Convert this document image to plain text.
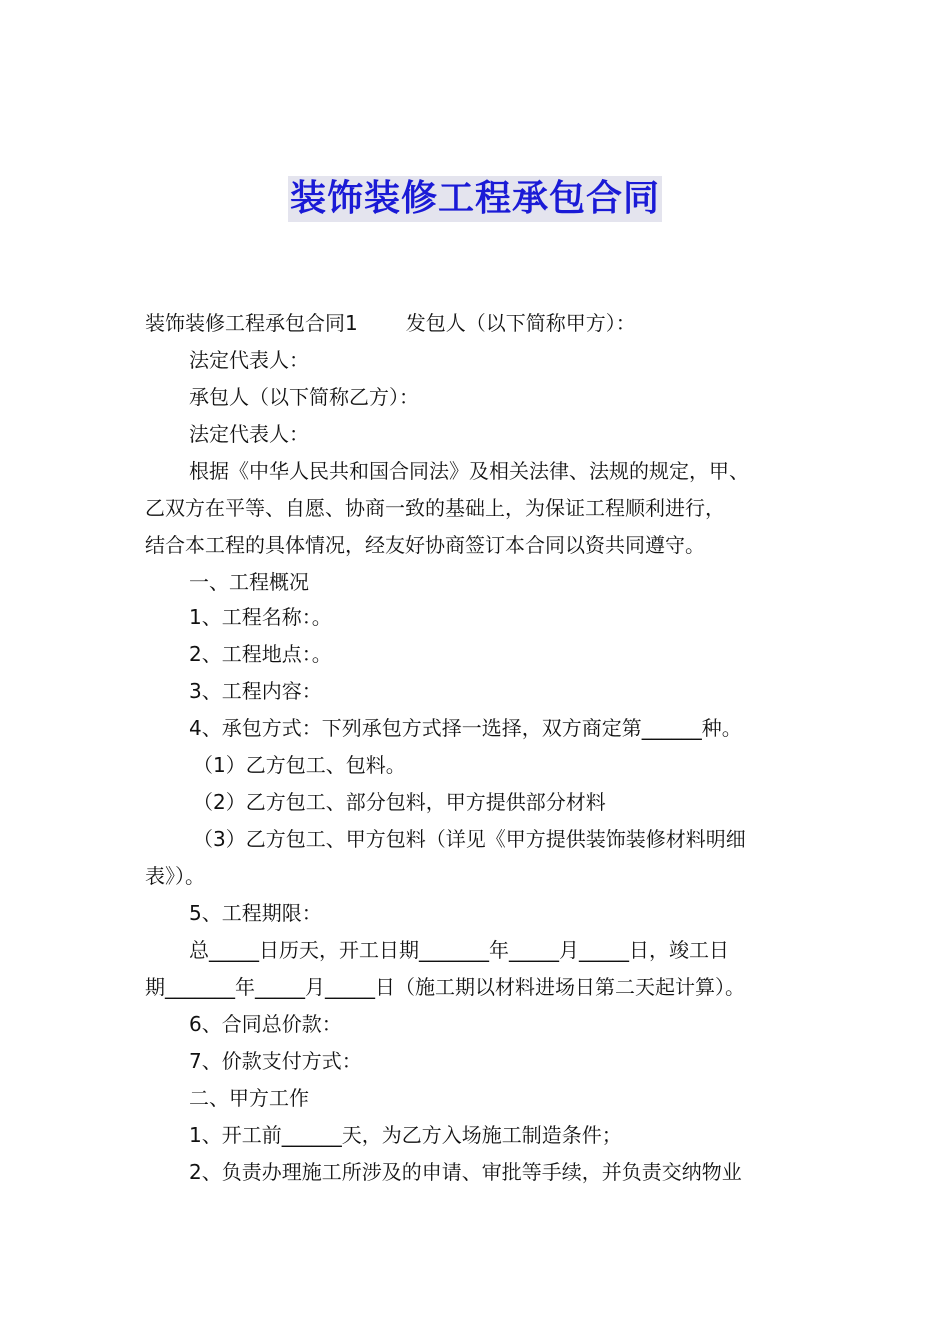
装饰装修工程承包合同
装饰装修工程承包合同1 发包人（以下简称甲方）：
法定代表人：
承包人（以下简称乙方）：
法定代表人：
根据《中华人民共和国合同法》及相关法律、法规的规定，甲、
乙双方在平等、自愿、协商一致的基础上，为保证工程顺利进行，
结合本工程的具体情况，经友好协商签订本合同以资共同遵守。
一、工程概况
1、工程名称：。
2、工程地点：。
3、工程内容：
4、承包方式：下列承包方式择一选择，双方商定第______种。
（1）乙方包工、包料。
（2）乙方包工、部分包料，甲方提供部分材料
（3）乙方包工、甲方包料（详见《甲方提供装饰装修材料明细
表》）。
5、工程期限：
总_____日历天，开工日期_______年_____月_____日，竣工日
期_______年_____月_____日（施工期以材料进场日第二天起计算）。
6、合同总价款：
7、价款支付方式：
二、甲方工作
1、开工前______天，为乙方入场施工制造条件；
2、负责办理施工所涉及的申请、审批等手续，并负责交纳物业
